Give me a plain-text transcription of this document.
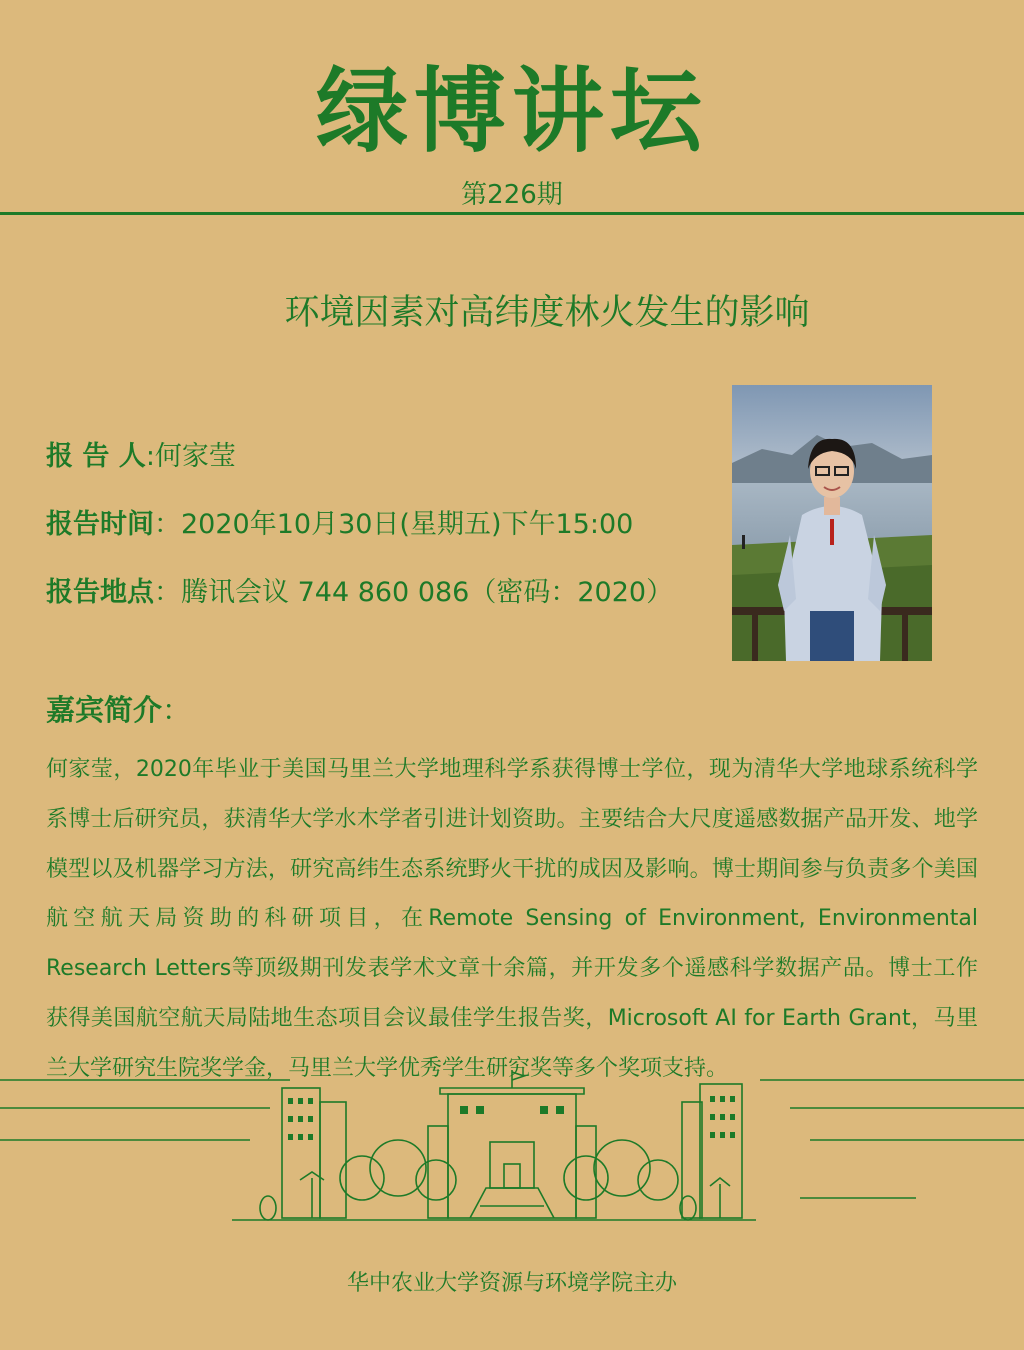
绿博讲坛
第226期
环境因素对高纬度林火发生的影响
报 告 人:何家莹
报告时间：2020年10月30日(星期五)下午15:00
报告地点：腾讯会议 744 860 086（密码：2020）
嘉宾简介：
何家莹，2020年毕业于美国马里兰大学地理科学系获得博士学位，现为清华大学地球系统科学系博士后研究员，获清华大学水木学者引进计划资助。主要结合大尺度遥感数据产品开发、地学模型以及机器学习方法，研究高纬生态系统野火干扰的成因及影响。博士期间参与负责多个美国航空航天局资助的科研项目，在Remote Sensing of Environment, Environmental Research Letters等顶级期刊发表学术文章十余篇，并开发多个遥感科学数据产品。博士工作获得美国航空航天局陆地生态项目会议最佳学生报告奖，Microsoft AI for Earth Grant，马里兰大学研究生院奖学金，马里兰大学优秀学生研究奖等多个奖项支持。
华中农业大学资源与环境学院主办
